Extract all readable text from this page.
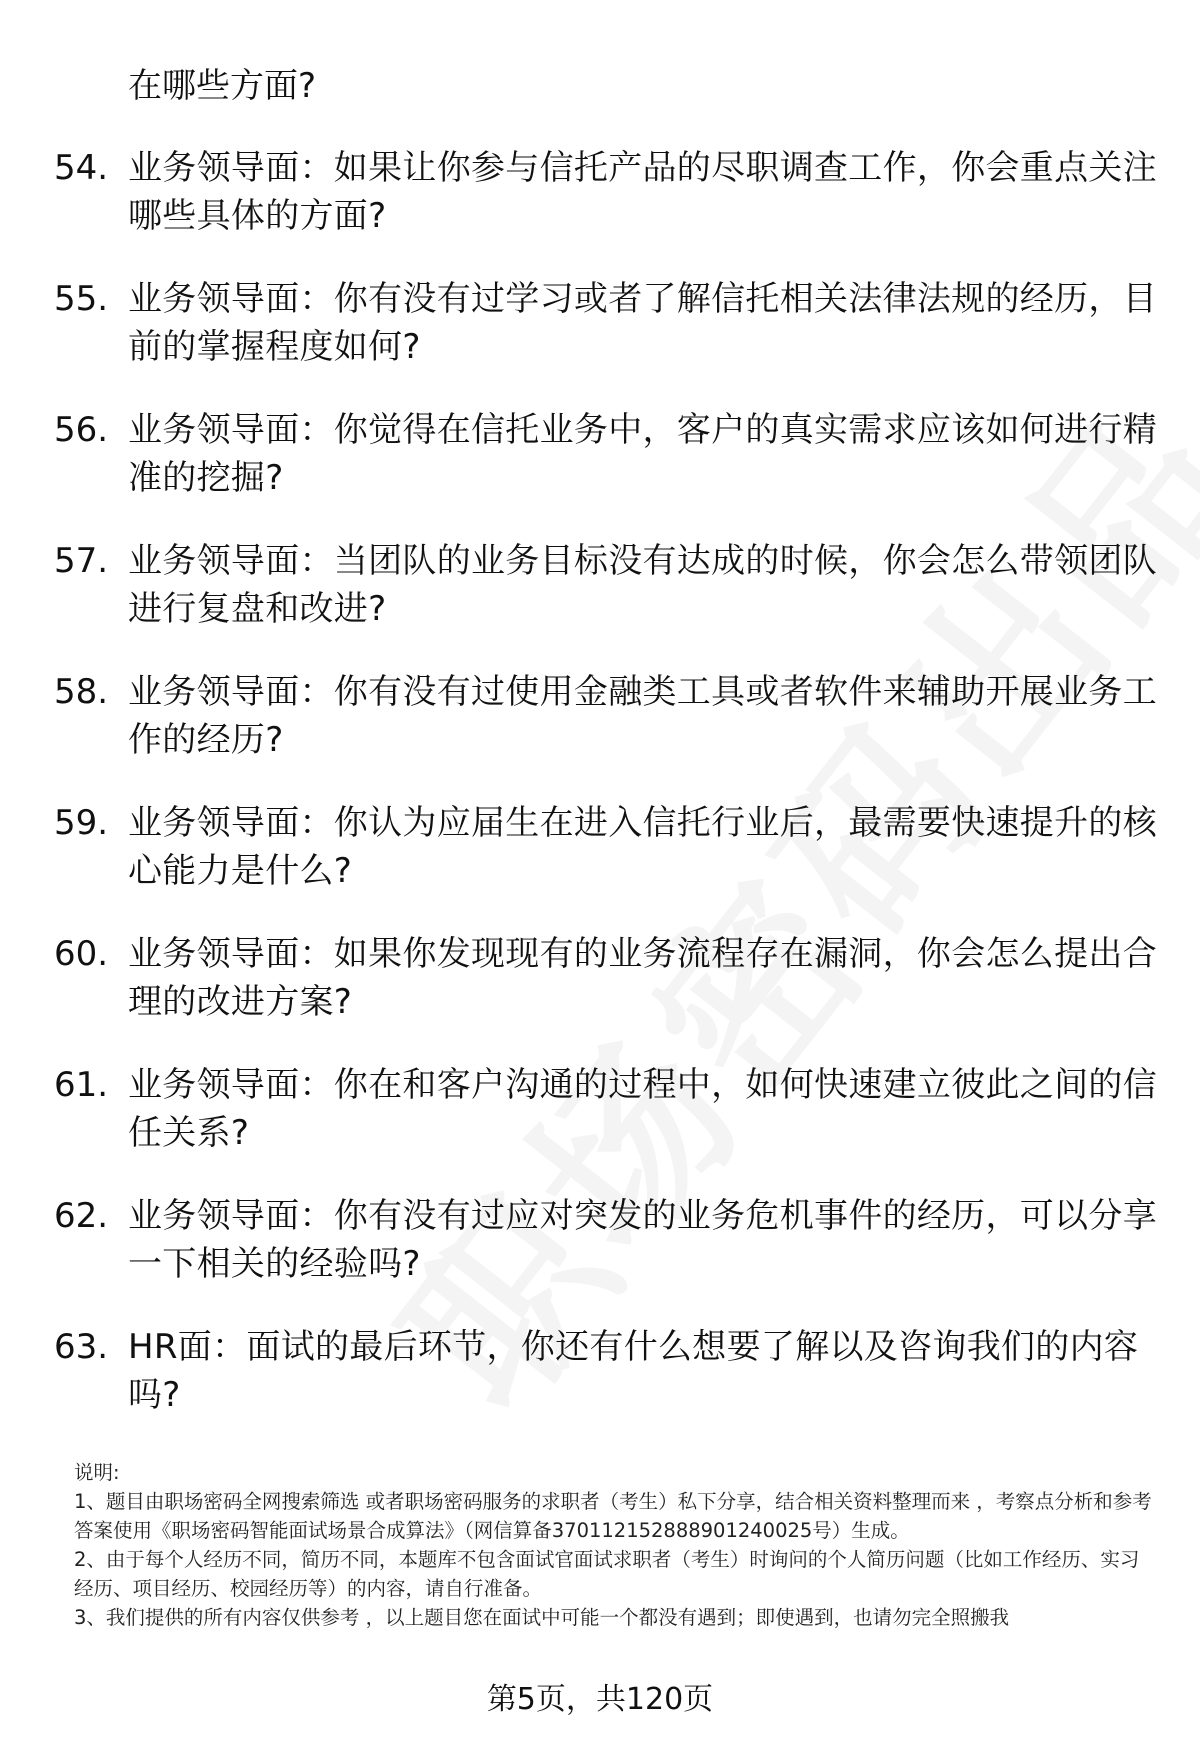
在哪些方面?

54. 业务领导面：如果让你参与信托产品的尽职调查工作，你会重点关注哪些具体的方面?
55. 业务领导面：你有没有过学习或者了解信托相关法律法规的经历，目前的掌握程度如何?
56. 业务领导面：你觉得在信托业务中，客户的真实需求应该如何进行精准的挖掘?
57. 业务领导面：当团队的业务目标没有达成的时候，你会怎么带领团队进行复盘和改进?
58. 业务领导面：你有没有过使用金融类工具或者软件来辅助开展业务工作的经历?
59. 业务领导面：你认为应届生在进入信托行业后，最需要快速提升的核心能力是什么?
60. 业务领导面：如果你发现现有的业务流程存在漏洞，你会怎么提出合理的改进方案?
61. 业务领导面：你在和客户沟通的过程中，如何快速建立彼此之间的信任关系?
62. 业务领导面：你有没有过应对突发的业务危机事件的经历，可以分享一下相关的经验吗?
63. HR面：面试的最后环节，你还有什么想要了解以及咨询我们的内容吗?

说明:

1、题目由职场密码全网搜索筛选 或者职场密码服务的求职者（考生）私下分享，结合相关资料整理而来 ，考察点分析和参考答案使用《职场密码智能面试场景合成算法》（网信算备370112152888901240025号）生成。

2、由于每个人经历不同，简历不同，本题库不包含面试官面试求职者（考生）时询问的个人简历问题（比如工作经历、实习经历、项目经历、校园经历等）的内容，请自行准备。

3、我们提供的所有内容仅供参考 ，以上题目您在面试中可能一个都没有遇到；即使遇到，也请勿完全照搬我

第5页，共120页
